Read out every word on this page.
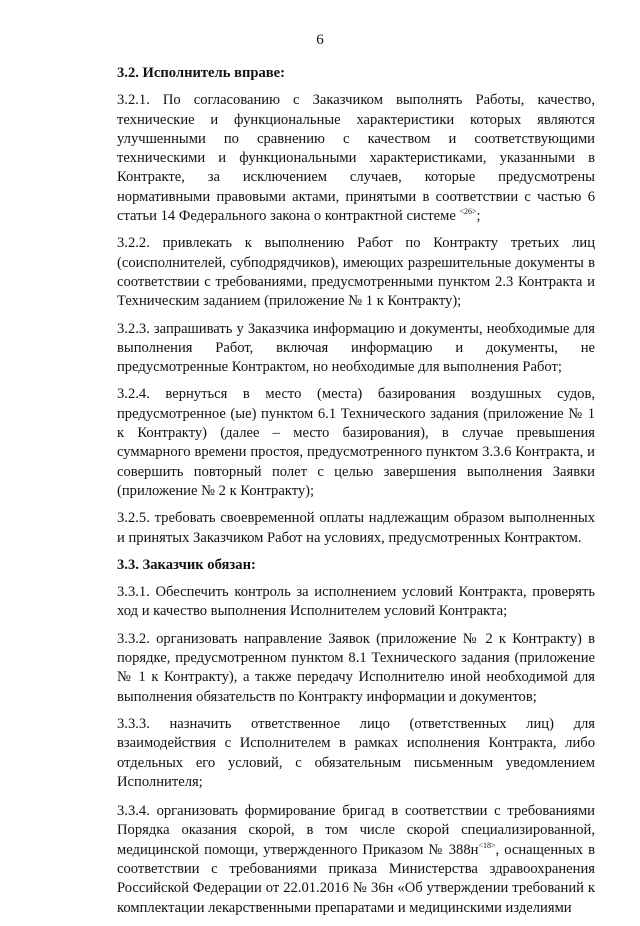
6
3.2. Исполнитель вправе:

3.2.1. По согласованию с Заказчиком выполнять Работы, качество, технические и функциональные характеристики которых являются улучшенными по сравнению с качеством и соответствующими техническими и функциональными характеристиками, указанными в Контракте, за исключением случаев, которые предусмотрены нормативными правовыми актами, принятыми в соответствии с частью 6 статьи 14 Федерального закона о контрактной системе $^{<26>}$;

3.2.2. привлекать к выполнению Работ по Контракту третьих лиц (соисполнителей, субподрядчиков), имеющих разрешительные документы в соответствии с требованиями, предусмотренными пунктом 2.3 Контракта и Техническим заданием (приложение № 1 к Контракту);

3.2.3. запрашивать у Заказчика информацию и документы, необходимые для выполнения Работ, включая информацию и документы, не предусмотренные Контрактом, но необходимые для выполнения Работ;

3.2.4. вернуться в место (места) базирования воздушных судов, предусмотренное (ые) пунктом 6.1 Технического задания (приложение № 1 к Контракту) (далее – место базирования), в случае превышения суммарного времени простоя, предусмотренного пунктом 3.3.6 Контракта, и совершить повторный полет с целью завершения выполнения Заявки (приложение № 2 к Контракту);

3.2.5. требовать своевременной оплаты надлежащим образом выполненных и принятых Заказчиком Работ на условиях, предусмотренных Контрактом.

3.3. Заказчик обязан:

3.3.1. Обеспечить контроль за исполнением условий Контракта, проверять ход и качество выполнения Исполнителем условий Контракта;

3.3.2. организовать направление Заявок (приложение № 2 к Контракту) в порядке, предусмотренном пунктом 8.1 Технического задания (приложение № 1 к Контракту), а также передачу Исполнителю иной необходимой для выполнения обязательств по Контракту информации и документов;

3.3.3. назначить ответственное лицо (ответственных лиц) для взаимодействия с Исполнителем в рамках исполнения Контракта, либо отдельных его условий, с обязательным письменным уведомлением Исполнителя;

3.3.4. организовать формирование бригад в соответствии с требованиями Порядка оказания скорой, в том числе скорой специализированной, медицинской помощи, утвержденного Приказом № $388н^{<18>}$, оснащенных в соответствии с требованиями приказа Министерства здравоохранения Российской Федерации от 22.01.2016 № 36н «Об утверждении требований к комплектации лекарственными препаратами и медицинскими изделиями
